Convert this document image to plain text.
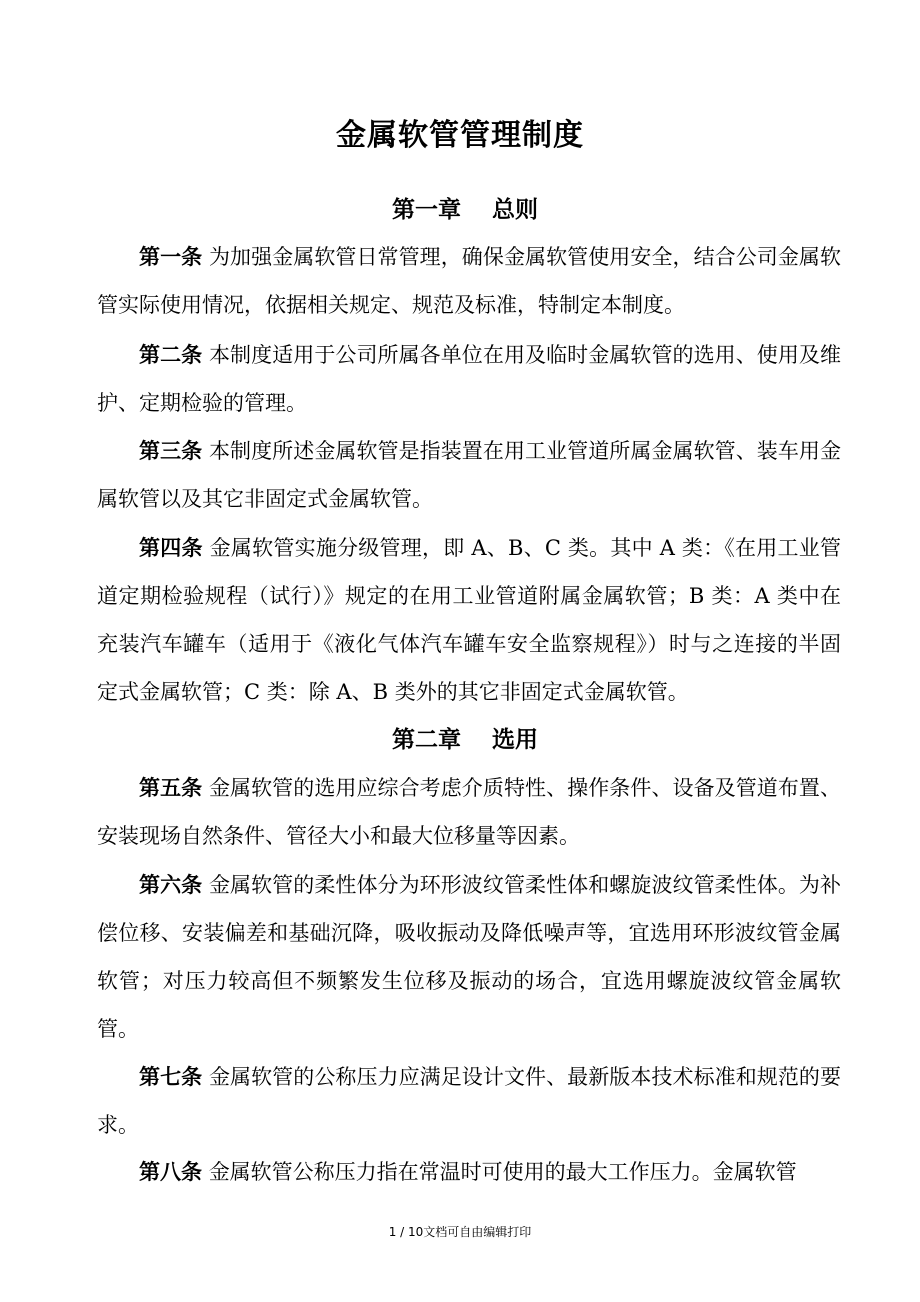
金属软管管理制度
第一章　 总则

第一条 为加强金属软管日常管理，确保金属软管使用安全，结合公司金属软管实际使用情况，依据相关规定、规范及标准，特制定本制度。

第二条 本制度适用于公司所属各单位在用及临时金属软管的选用、使用及维护、定期检验的管理。

第三条 本制度所述金属软管是指装置在用工业管道所属金属软管、装车用金属软管以及其它非固定式金属软管。

第四条 金属软管实施分级管理，即 A、B、C 类。其中 A 类：《在用工业管道定期检验规程（试行）》规定的在用工业管道附属金属软管；B 类：A 类中在充装汽车罐车（适用于《液化气体汽车罐车安全监察规程》）时与之连接的半固定式金属软管；C 类：除 A、B 类外的其它非固定式金属软管。

第二章　 选用

第五条 金属软管的选用应综合考虑介质特性、操作条件、设备及管道布置、安装现场自然条件、管径大小和最大位移量等因素。

第六条 金属软管的柔性体分为环形波纹管柔性体和螺旋波纹管柔性体。为补偿位移、安装偏差和基础沉降，吸收振动及降低噪声等，宜选用环形波纹管金属软管；对压力较高但不频繁发生位移及振动的场合，宜选用螺旋波纹管金属软管。

第七条 金属软管的公称压力应满足设计文件、最新版本技术标准和规范的要求。

第八条 金属软管公称压力指在常温时可使用的最大工作压力。金属软管

1 / 10文档可自由编辑打印
